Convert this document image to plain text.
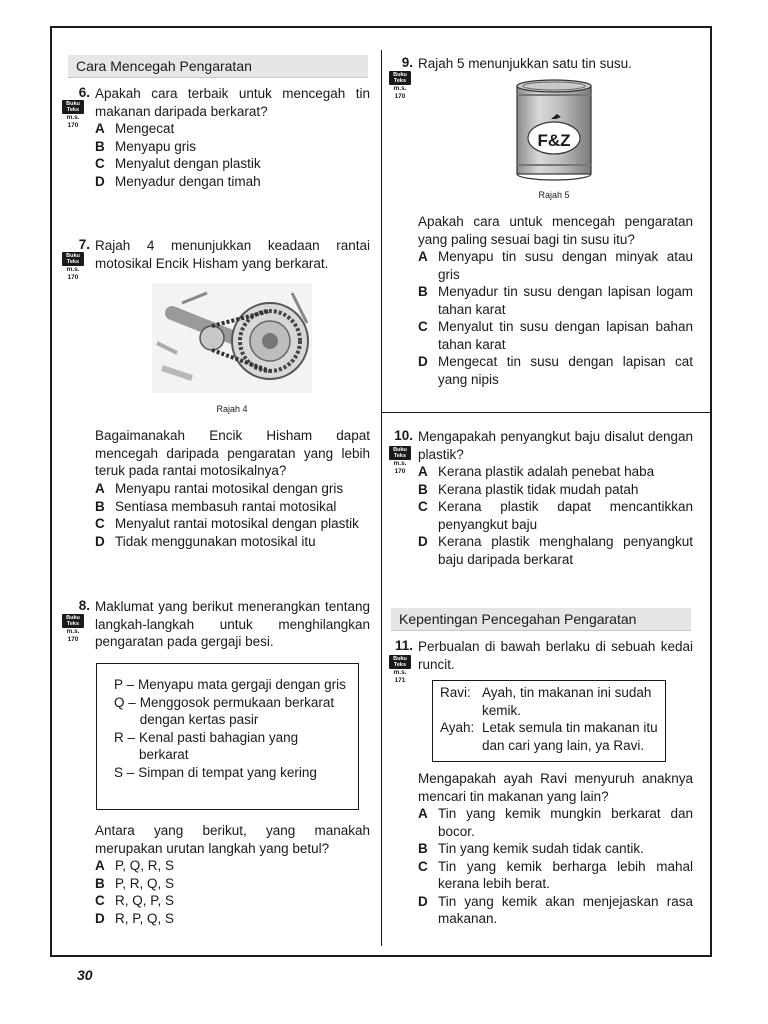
Cara Mencegah Pengaratan
6.
Buku
Teks
m.s. 170
Apakah cara terbaik untuk mencegah tin makanan daripada berkarat?
A Mengecat
B Menyapu gris
C Menyalut dengan plastik
D Menyadur dengan timah
7.
Buku
Teks
m.s. 170
Rajah 4 menunjukkan keadaan rantai motosikal Encik Hisham yang berkarat.
Rajah 4
Bagaimanakah Encik Hisham dapat mencegah daripada pengaratan yang lebih teruk pada rantai motosikalnya?
A Menyapu rantai motosikal dengan gris
B Sentiasa membasuh rantai motosikal
C Menyalut rantai motosikal dengan plastik
D Tidak menggunakan motosikal itu
8.
Buku
Teks
m.s. 170
Maklumat yang berikut menerangkan tentang langkah-langkah untuk menghilangkan pengaratan pada gergaji besi.
P – Menyapu mata gergaji dengan gris
Q – Menggosok permukaan berkarat dengan kertas pasir
R – Kenal pasti bahagian yang berkarat
S – Simpan di tempat yang kering
Antara yang berikut, yang manakah merupakan urutan langkah yang betul?
A P, Q, R, S
B P, R, Q, S
C R, Q, P, S
D R, P, Q, S
9.
Buku
Teks
m.s. 170
Rajah 5 menunjukkan satu tin susu.
F&Z
Rajah 5
Apakah cara untuk mencegah pengaratan yang paling sesuai bagi tin susu itu?
A Menyapu tin susu dengan minyak atau gris
B Menyadur tin susu dengan lapisan logam tahan karat
C Menyalut tin susu dengan lapisan bahan tahan karat
D Mengecat tin susu dengan lapisan cat yang nipis
10.
Buku
Teks
m.s. 170
Mengapakah penyangkut baju disalut dengan plastik?
A Kerana plastik adalah penebat haba
B Kerana plastik tidak mudah patah
C Kerana plastik dapat mencantikkan penyangkut baju
D Kerana plastik menghalang penyangkut baju daripada berkarat
Kepentingan Pencegahan Pengaratan
11.
Buku
Teks
m.s. 171
Perbualan di bawah berlaku di sebuah kedai runcit.
Ravi: Ayah, tin makanan ini sudah kemik.
Ayah: Letak semula tin makanan itu dan cari yang lain, ya Ravi.
Mengapakah ayah Ravi menyuruh anaknya mencari tin makanan yang lain?
A Tin yang kemik mungkin berkarat dan bocor.
B Tin yang kemik sudah tidak cantik.
C Tin yang kemik berharga lebih mahal kerana lebih berat.
D Tin yang kemik akan menjejaskan rasa makanan.
30
